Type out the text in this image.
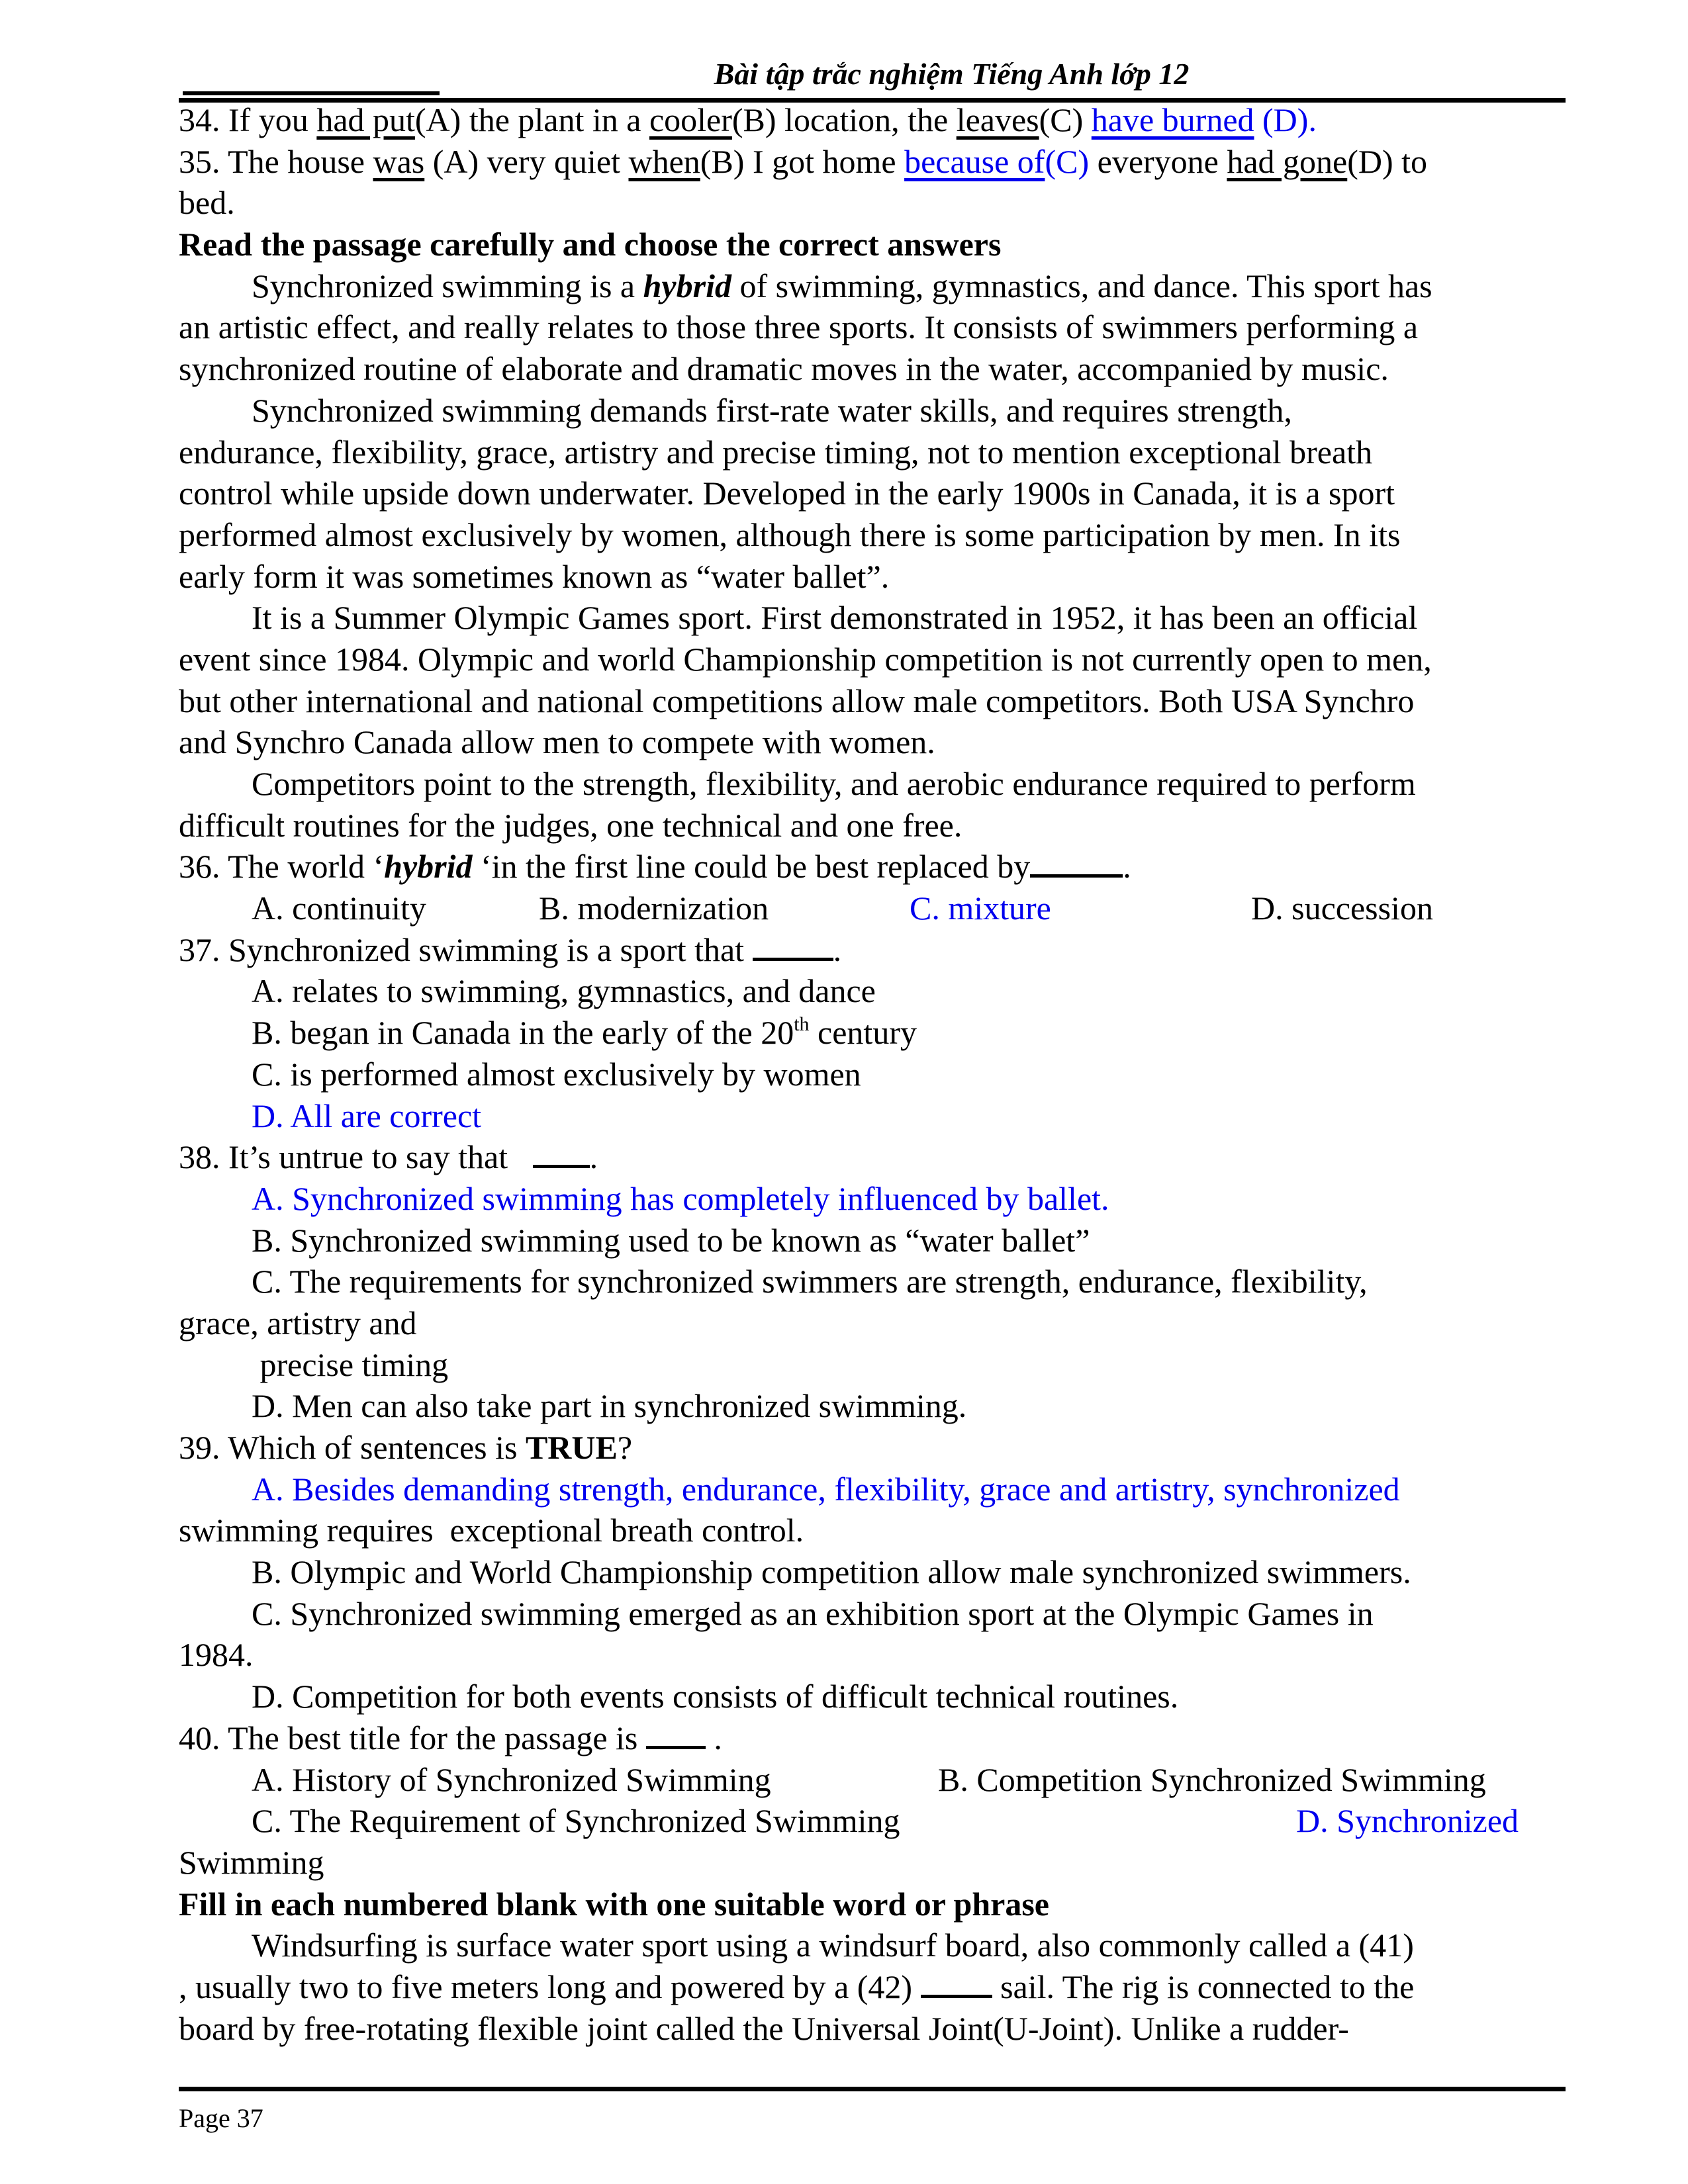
Bài tập trắc nghiệm Tiếng Anh lớp 12
34. If you had put(A) the plant in a cooler(B) location, the leaves(C) have burned (D).
35. The house was (A) very quiet when(B) I got home because of(C) everyone had gone(D) to
bed.
Read the passage carefully and choose the correct answers
Synchronized swimming is a hybrid of swimming, gymnastics, and dance. This sport has
an artistic effect, and really relates to those three sports. It consists of swimmers performing a
synchronized routine of elaborate and dramatic moves in the water, accompanied by music.
Synchronized swimming demands first-rate water skills, and requires strength,
endurance, flexibility, grace, artistry and precise timing, not to mention exceptional breath
control while upside down underwater. Developed in the early 1900s in Canada, it is a sport
performed almost exclusively by women, although there is some participation by men. In its
early form it was sometimes known as “water ballet”.
It is a Summer Olympic Games sport. First demonstrated in 1952, it has been an official
event since 1984. Olympic and world Championship competition is not currently open to men,
but other international and national competitions allow male competitors. Both USA Synchro
and Synchro Canada allow men to compete with women.
Competitors point to the strength, flexibility, and aerobic endurance required to perform
difficult routines for the judges, one technical and one free.
36. The world ‘hybrid ‘in the first line could be best replaced by	.
A. continuity	B. modernization	C. mixture	D. succession
37. Synchronized swimming is a sport that .
A. relates to swimming, gymnastics, and dance
B. began in Canada in the early of the 20th century
C. is performed almost exclusively by women
D. All are correct
38. It’s untrue to say that   .
A. Synchronized swimming has completely influenced by ballet.
B. Synchronized swimming used to be known as “water ballet”
C. The requirements for synchronized swimmers are strength, endurance, flexibility,
grace, artistry and
precise timing
D. Men can also take part in synchronized swimming.
39. Which of sentences is TRUE?
A. Besides demanding strength, endurance, flexibility, grace and artistry, synchronized
swimming requires  exceptional breath control.
B. Olympic and World Championship competition allow male synchronized swimmers.
C. Synchronized swimming emerged as an exhibition sport at the Olympic Games in
1984.
D. Competition for both events consists of difficult technical routines.
40. The best title for the passage is  .
A. History of Synchronized Swimming	B. Competition Synchronized Swimming
C. The Requirement of Synchronized Swimming	D. Synchronized
Swimming
Fill in each numbered blank with one suitable word or phrase
Windsurfing is surface water sport using a windsurf board, also commonly called a (41)
, usually two to five meters long and powered by a (42)  sail. The rig is connected to the
board by free-rotating flexible joint called the Universal Joint(U-Joint). Unlike a rudder-
Page 37
